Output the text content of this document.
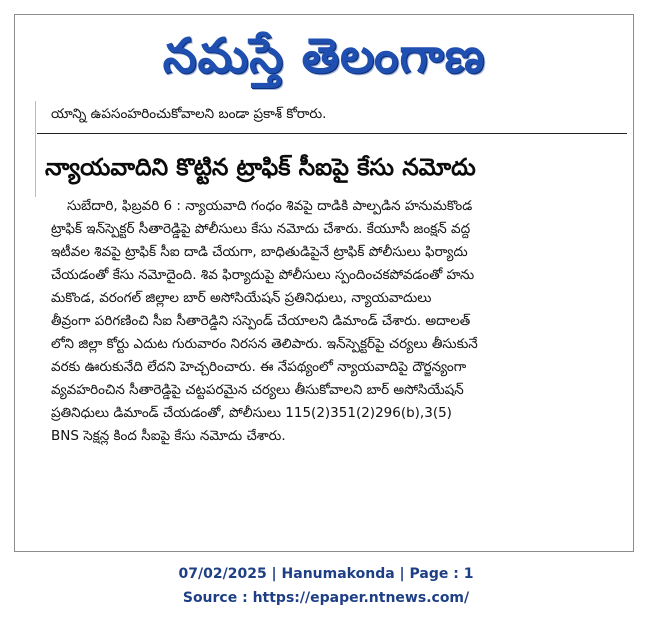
నమస్తే తెలంగాణ
యాన్ని ఉపసంహరించుకోవాలని బండా ప్రకాశ్ కోరారు.
న్యాయవాదిని కొట్టిన ట్రాఫిక్ సీఐపై కేసు నమోదు
సుబేదారి, ఫిబ్రవరి 6 : న్యాయవాది గంధం శివపై దాడికి పాల్పడిన హనుమకొండ
ట్రాఫిక్ ఇన్‌స్పెక్టర్ సీతారెడ్డిపై పోలీసులు కేసు నమోదు చేశారు. కేయూసీ జంక్షన్ వద్ద
ఇటీవల శివపై ట్రాఫిక్ సీఐ దాడి చేయగా, బాధితుడిపైనే ట్రాఫిక్ పోలీసులు ఫిర్యాదు
చేయడంతో కేసు నమోదైంది. శివ ఫిర్యాదుపై పోలీసులు స్పందించకపోవడంతో హను
మకొండ, వరంగల్ జిల్లాల బార్ అసోసియేషన్ ప్రతినిధులు, న్యాయవాదులు
తీవ్రంగా పరిగణించి సీఐ సీతారెడ్డిని సస్పెండ్ చేయాలని డిమాండ్ చేశారు. అదాలత్
లోని జిల్లా కోర్టు ఎదుట గురువారం నిరసన తెలిపారు. ఇన్‌స్పెక్టర్‌పై చర్యలు తీసుకునే
వరకు ఊరుకునేది లేదని హెచ్చరించారు. ఈ నేపథ్యంలో న్యాయవాదిపై దౌర్జన్యంగా
వ్యవహరించిన సీతారెడ్డిపై చట్టపరమైన చర్యలు తీసుకోవాలని బార్ అసోసియేషన్
ప్రతినిధులు డిమాండ్ చేయడంతో, పోలీసులు 115(2)351(2)296(b),3(5)
BNS సెక్షన్ల కింద సీఐపై కేసు నమోదు చేశారు.
07/02/2025 | Hanumakonda | Page : 1
Source : https://epaper.ntnews.com/
